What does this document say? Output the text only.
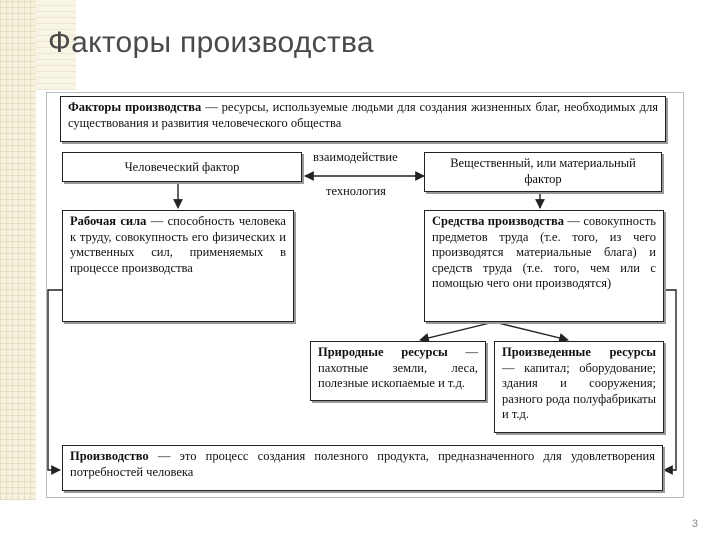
Факторы производства
Факторы производства — ресурсы, используемые людьми для создания жизненных благ, необходимых для существования и развития человеческого общества
Человеческий фактор	Вещественный, или материальный фактор
взаимодействие
технология
Рабочая сила — способность человека к труду, совокупность его физических и умственных сил, применяемых в процессе производства
Средства производства — совокупность предметов труда (т.е. того, из чего производятся материальные блага) и средств труда (т.е. того, чем или с помощью чего они производятся)
Природные ресурсы — пахотные земли, леса, полезные ископаемые и т.д.
Произведенные ресурсы — капитал; оборудование; здания и сооружения; разного рода полуфабрикаты и т.д.
Производство — это процесс создания полезного продукта, предназначенного для удовлетворения потребностей человека
3
